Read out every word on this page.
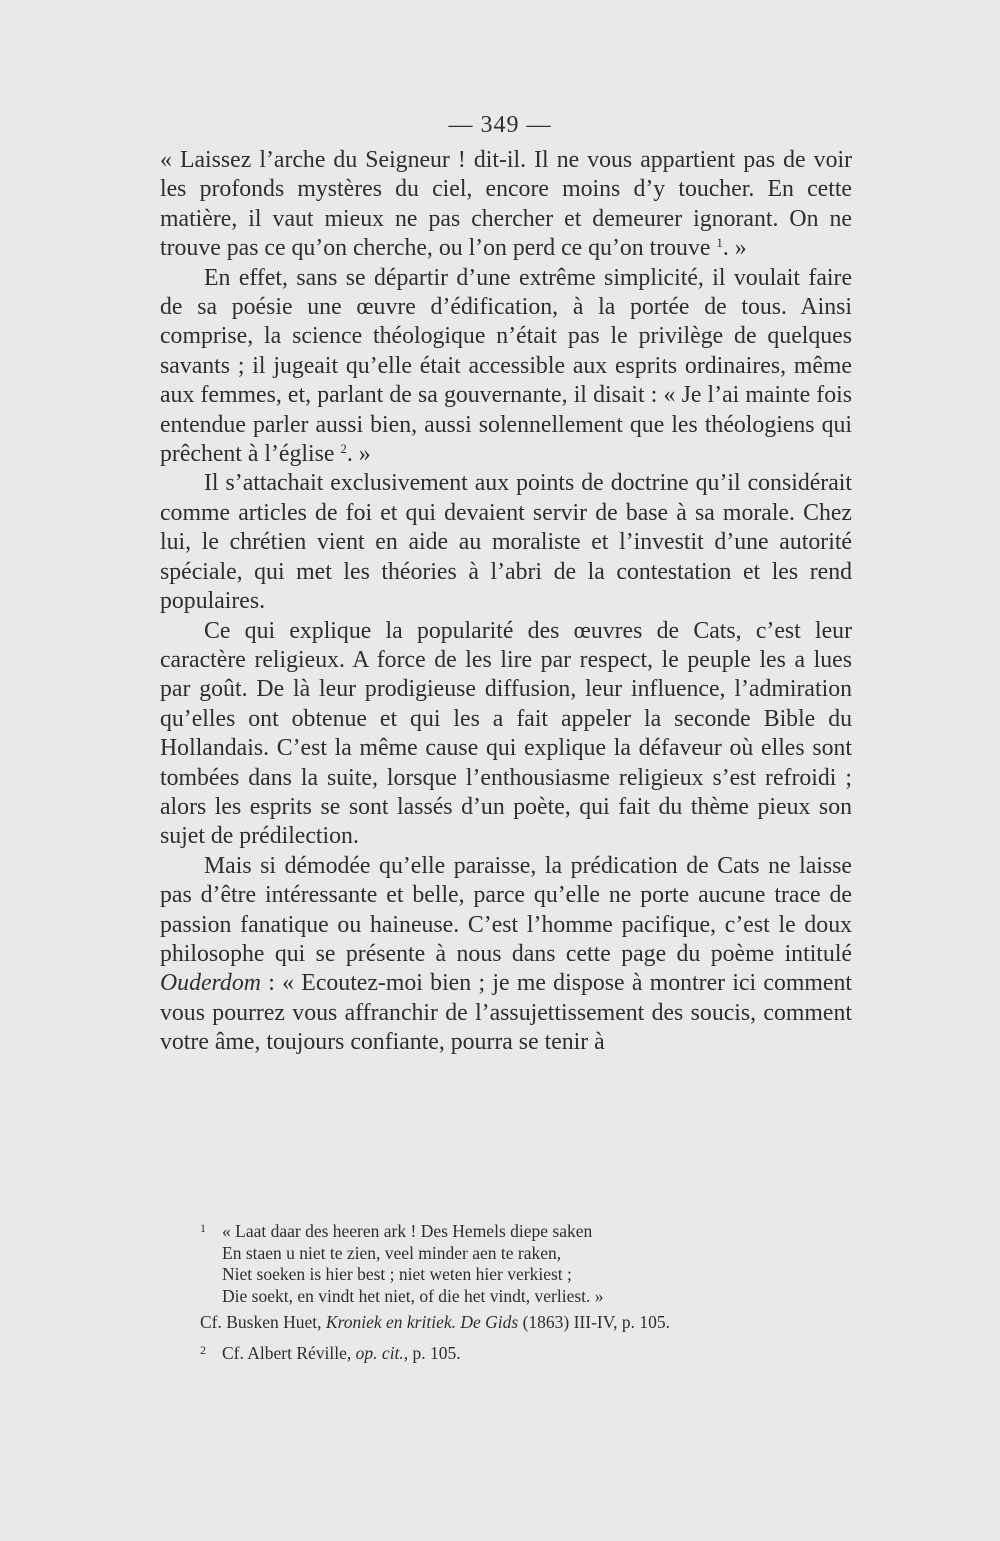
— 349 —

« Laissez l’arche du Seigneur ! dit-il. Il ne vous appartient pas de voir les profonds mystères du ciel, encore moins d’y toucher. En cette matière, il vaut mieux ne pas chercher et demeurer ignorant. On ne trouve pas ce qu’on cherche, ou l’on perd ce qu’on trouve $^1$. »

En effet, sans se départir d’une extrême simplicité, il voulait faire de sa poésie une œuvre d’édification, à la portée de tous. Ainsi comprise, la science théologique n’était pas le privilège de quelques savants ; il jugeait qu’elle était accessible aux esprits ordinaires, même aux femmes, et, parlant de sa gouvernante, il disait : « Je l’ai mainte fois entendue parler aussi bien, aussi solennellement que les théologiens qui prêchent à l’église $^2$. »

Il s’attachait exclusivement aux points de doctrine qu’il considérait comme articles de foi et qui devaient servir de base à sa morale. Chez lui, le chrétien vient en aide au moraliste et l’investit d’une autorité spéciale, qui met les théories à l’abri de la contestation et les rend populaires.

Ce qui explique la popularité des œuvres de Cats, c’est leur caractère religieux. A force de les lire par respect, le peuple les a lues par goût. De là leur prodigieuse diffusion, leur influence, l’admiration qu’elles ont obtenue et qui les a fait appeler la seconde Bible du Hollandais. C’est la même cause qui explique la défaveur où elles sont tombées dans la suite, lorsque l’enthousiasme religieux s’est refroidi ; alors les esprits se sont lassés d’un poète, qui fait du thème pieux son sujet de prédilection.

Mais si démodée qu’elle paraisse, la prédication de Cats ne laisse pas d’être intéressante et belle, parce qu’elle ne porte aucune trace de passion fanatique ou haineuse. C’est l’homme pacifique, c’est le doux philosophe qui se présente à nous dans cette page du poème intitulé Ouderdom : « Ecoutez-moi bien ; je me dispose à montrer ici comment vous pourrez vous affranchir de l’assujettissement des soucis, comment votre âme, toujours confiante, pourra se tenir à

1 « Laat daar des heeren ark ! Des Hemels diepe saken

En staen u niet te zien, veel minder aen te raken,

Niet soeken is hier best ; niet weten hier verkiest ;

Die soekt, en vindt het niet, of die het vindt, verliest. »

Cf. Busken Huet, Kroniek en kritiek. De Gids (1863) III-IV, p. 105.

2 Cf. Albert Réville, op. cit., p. 105.
